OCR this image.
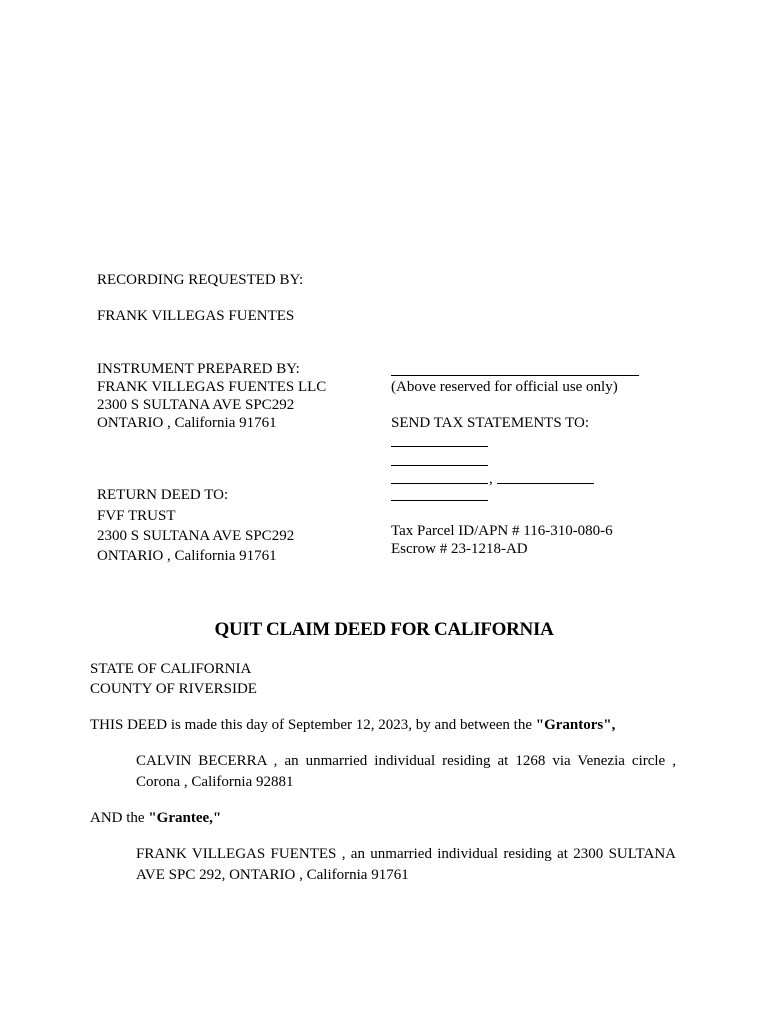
RECORDING REQUESTED BY:
FRANK VILLEGAS FUENTES
INSTRUMENT PREPARED BY:
FRANK VILLEGAS FUENTES LLC
2300 S SULTANA AVE SPC292
ONTARIO , California 91761
(Above reserved for official use only)
SEND TAX STATEMENTS TO:
,
RETURN DEED TO:
FVF TRUST
2300 S SULTANA AVE SPC292
ONTARIO , California 91761
Tax Parcel ID/APN # 116-310-080-6
Escrow # 23-1218-AD
QUIT CLAIM DEED FOR CALIFORNIA
STATE OF CALIFORNIA
COUNTY OF RIVERSIDE
THIS DEED is made this day of September 12, 2023, by and between the "Grantors",
CALVIN BECERRA , an unmarried individual residing at 1268 via Venezia circle , Corona , California 92881
AND the "Grantee,"
FRANK VILLEGAS FUENTES , an unmarried individual residing at 2300 SULTANA AVE SPC 292, ONTARIO , California 91761
